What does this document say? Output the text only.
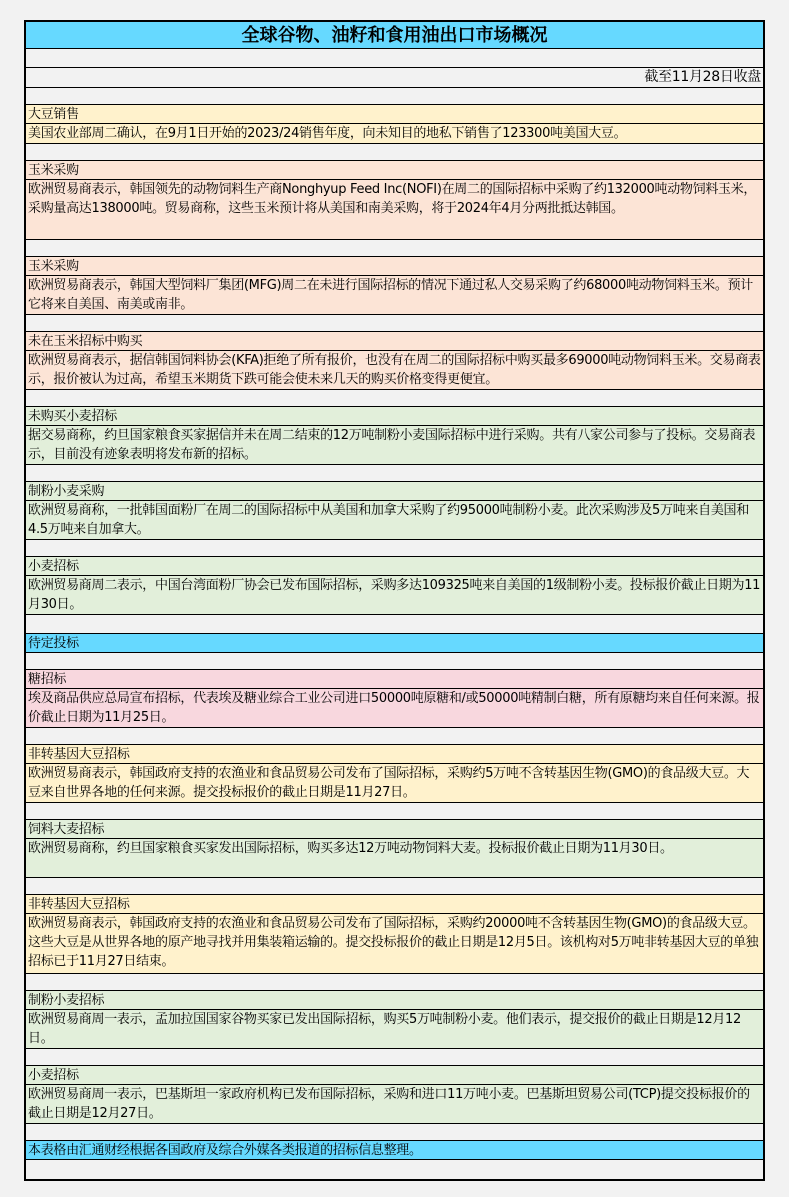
全球谷物、油籽和食用油出口市场概况
截至11月28日收盘
大豆销售
美国农业部周二确认，在9月1日开始的2023/24销售年度，向未知目的地私下销售了123300吨美国大豆。
玉米采购
欧洲贸易商表示，韩国领先的动物饲料生产商Nonghyup Feed Inc(NOFI)在周二的国际招标中采购了约132000吨动物饲料玉米，采购量高达138000吨。贸易商称，这些玉米预计将从美国和南美采购，将于2024年4月分两批抵达韩国。
玉米采购
欧洲贸易商表示，韩国大型饲料厂集团(MFG)周二在未进行国际招标的情况下通过私人交易采购了约68000吨动物饲料玉米。预计它将来自美国、南美或南非。
未在玉米招标中购买
欧洲贸易商表示，据信韩国饲料协会(KFA)拒绝了所有报价，也没有在周二的国际招标中购买最多69000吨动物饲料玉米。交易商表示，报价被认为过高，希望玉米期货下跌可能会使未来几天的购买价格变得更便宜。
未购买小麦招标
据交易商称，约旦国家粮食买家据信并未在周二结束的12万吨制粉小麦国际招标中进行采购。共有八家公司参与了投标。交易商表示，目前没有迹象表明将发布新的招标。
制粉小麦采购
欧洲贸易商称，一批韩国面粉厂在周二的国际招标中从美国和加拿大采购了约95000吨制粉小麦。此次采购涉及5万吨来自美国和4.5万吨来自加拿大。
小麦招标
欧洲贸易商周二表示，中国台湾面粉厂协会已发布国际招标，采购多达109325吨来自美国的1级制粉小麦。投标报价截止日期为11月30日。
待定投标
糖招标
埃及商品供应总局宣布招标，代表埃及糖业综合工业公司进口50000吨原糖和/或50000吨精制白糖，所有原糖均来自任何来源。报价截止日期为11月25日。
非转基因大豆招标
欧洲贸易商表示，韩国政府支持的农渔业和食品贸易公司发布了国际招标，采购约5万吨不含转基因生物(GMO)的食品级大豆。大豆来自世界各地的任何来源。提交投标报价的截止日期是11月27日。
饲料大麦招标
欧洲贸易商称，约旦国家粮食买家发出国际招标，购买多达12万吨动物饲料大麦。投标报价截止日期为11月30日。
非转基因大豆招标
欧洲贸易商表示，韩国政府支持的农渔业和食品贸易公司发布了国际招标，采购约20000吨不含转基因生物(GMO)的食品级大豆。这些大豆是从世界各地的原产地寻找并用集装箱运输的。提交投标报价的截止日期是12月5日。该机构对5万吨非转基因大豆的单独招标已于11月27日结束。
制粉小麦招标
欧洲贸易商周一表示，孟加拉国国家谷物买家已发出国际招标，购买5万吨制粉小麦。他们表示，提交报价的截止日期是12月12日。
小麦招标
欧洲贸易商周一表示，巴基斯坦一家政府机构已发布国际招标，采购和进口11万吨小麦。巴基斯坦贸易公司(TCP)提交投标报价的截止日期是12月27日。
本表格由汇通财经根据各国政府及综合外媒各类报道的招标信息整理。
